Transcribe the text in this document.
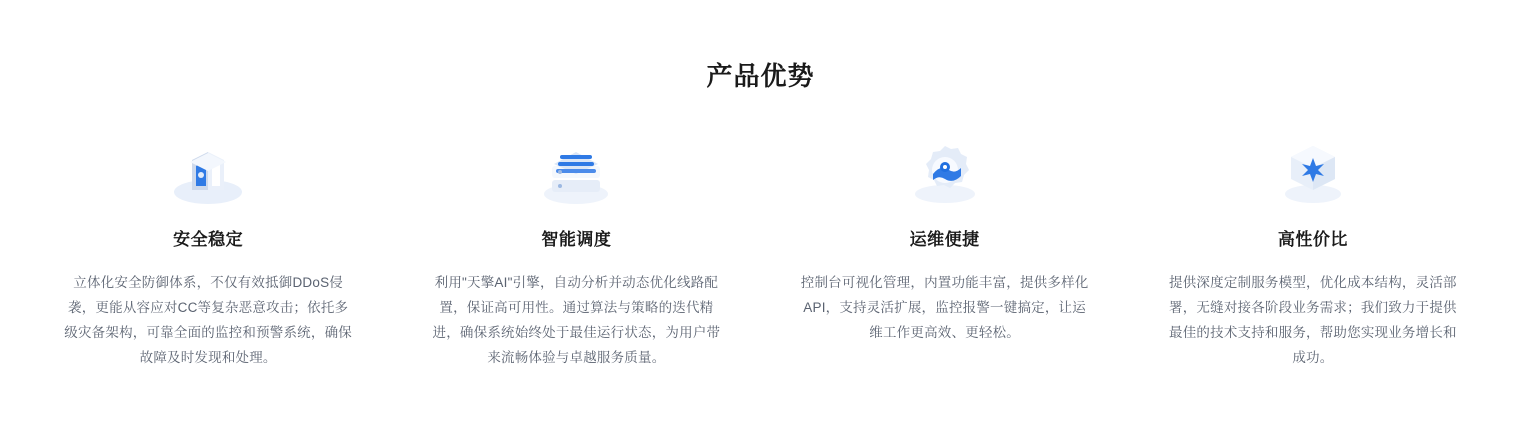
产品优势
安全稳定
立体化安全防御体系，不仅有效抵御DDoS侵袭，更能从容应对CC等复杂恶意攻击；依托多级灾备架构，可靠全面的监控和预警系统，确保故障及时发现和处理。
智能调度
利用"天擎AI"引擎，自动分析并动态优化线路配置，保证高可用性。通过算法与策略的迭代精进，确保系统始终处于最佳运行状态，为用户带来流畅体验与卓越服务质量。
运维便捷
控制台可视化管理，内置功能丰富，提供多样化API，支持灵活扩展，监控报警一键搞定，让运维工作更高效、更轻松。
高性价比
提供深度定制服务模型，优化成本结构，灵活部署，无缝对接各阶段业务需求；我们致力于提供最佳的技术支持和服务，帮助您实现业务增长和成功。
